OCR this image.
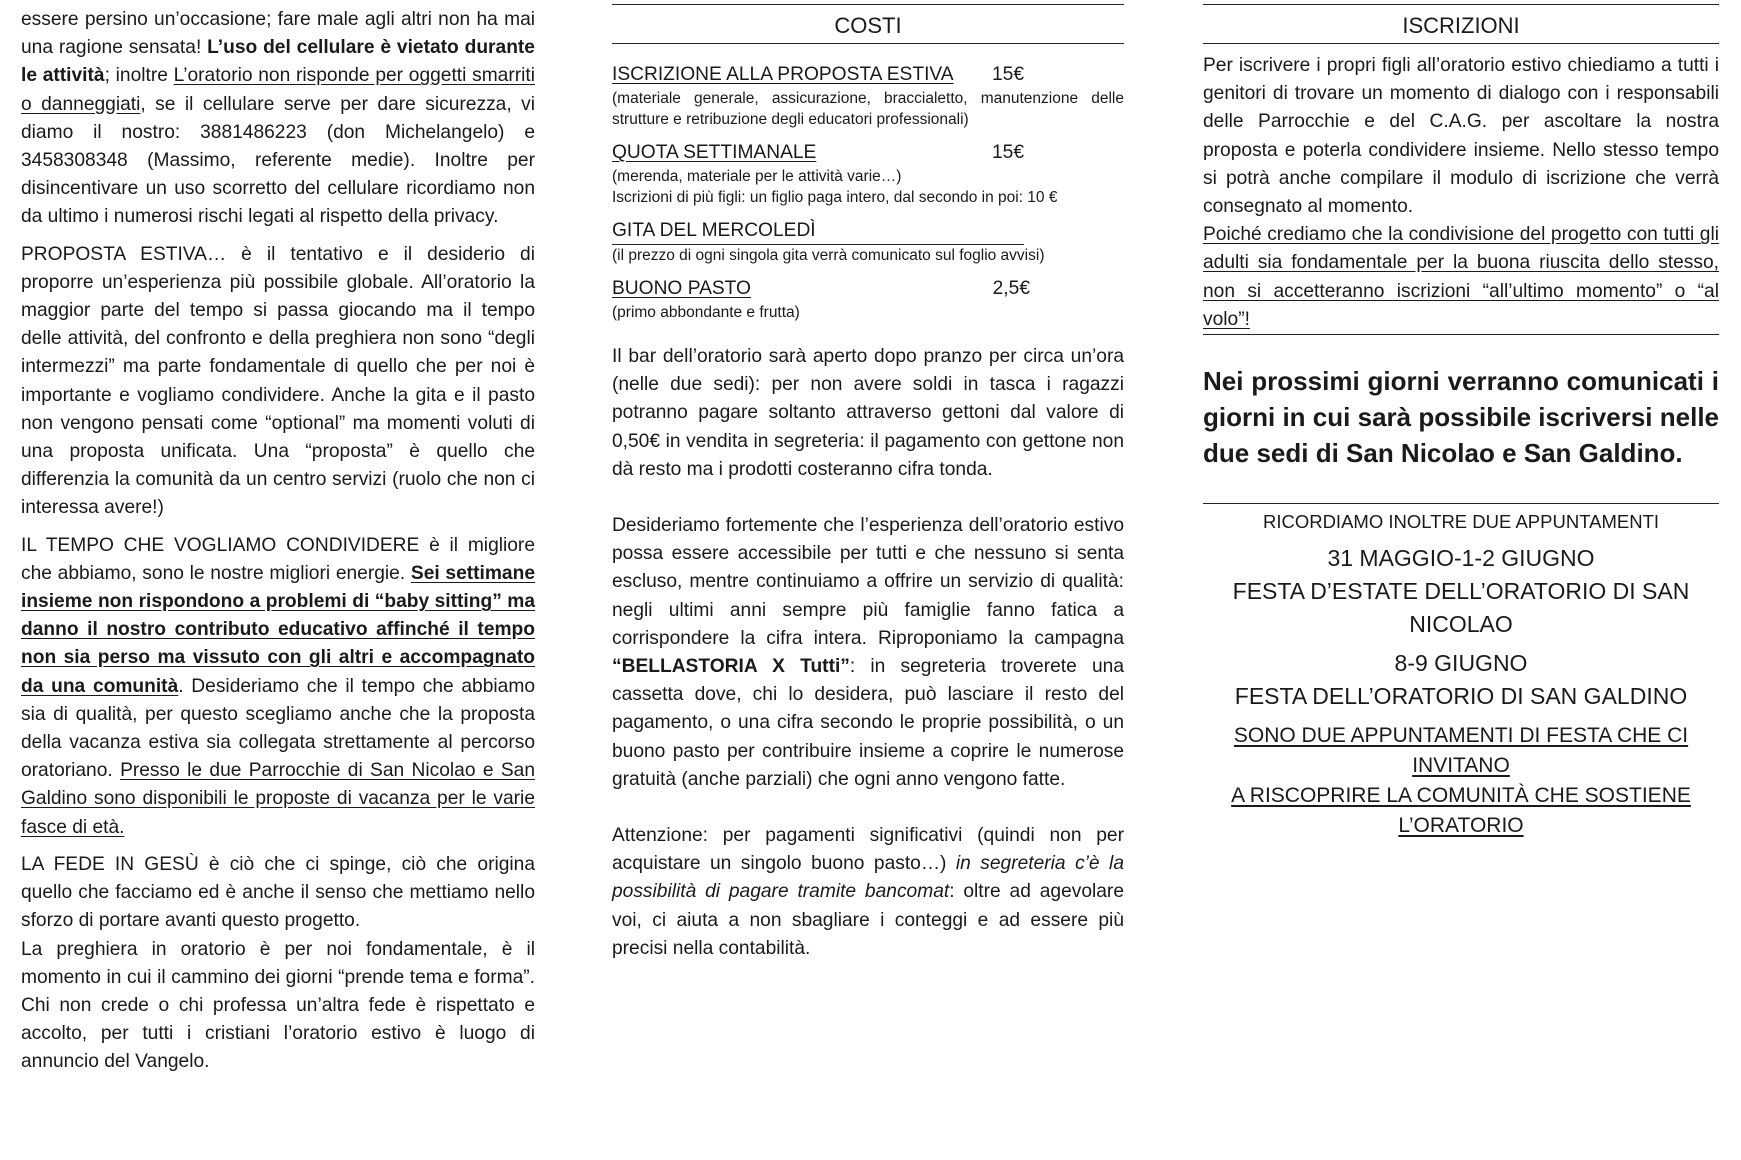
essere persino un’occasione; fare male agli altri non ha mai una ragione sensata! L’uso del cellulare è vietato durante le attività; inoltre L’oratorio non risponde per oggetti smarriti o danneggiati, se il cellulare serve per dare sicurezza, vi diamo il nostro: 3881486223 (don Michelangelo) e 3458308348 (Massimo, referente medie). Inoltre per disincentivare un uso scorretto del cellulare ricordiamo non da ultimo i numerosi rischi legati al rispetto della privacy.

PROPOSTA ESTIVA… è il tentativo e il desiderio di proporre un’esperienza più possibile globale. All’oratorio la maggior parte del tempo si passa giocando ma il tempo delle attività, del confronto e della preghiera non sono “degli intermezzi” ma parte fondamentale di quello che per noi è importante e vogliamo condividere. Anche la gita e il pasto non vengono pensati come “optional” ma momenti voluti di una proposta unificata. Una “proposta” è quello che differenzia la comunità da un centro servizi (ruolo che non ci interessa avere!)

IL TEMPO CHE VOGLIAMO CONDIVIDERE è il migliore che abbiamo, sono le nostre migliori energie. Sei settimane insieme non rispondono a problemi di “baby sitting” ma danno il nostro contributo educativo affinché il tempo non sia perso ma vissuto con gli altri e accompagnato da una comunità. Desideriamo che il tempo che abbiamo sia di qualità, per questo scegliamo anche che la proposta della vacanza estiva sia collegata strettamente al percorso oratoriano. Presso le due Parrocchie di San Nicolao e San Galdino sono disponibili le proposte di vacanza per le varie fasce di età.

LA FEDE IN GESÙ è ciò che ci spinge, ciò che origina quello che facciamo ed è anche il senso che mettiamo nello sforzo di portare avanti questo progetto.

La preghiera in oratorio è per noi fondamentale, è il momento in cui il cammino dei giorni “prende tema e forma”. Chi non crede o chi professa un’altra fede è rispettato e accolto, per tutti i cristiani l’oratorio estivo è luogo di annuncio del Vangelo.

COSTI
ISCRIZIONE ALLA PROPOSTA ESTIVA 15€
(materiale generale, assicurazione, braccialetto, manutenzione delle strutture e retribuzione degli educatori professionali)
QUOTA SETTIMANALE	15€
(merenda, materiale per le attività varie…)
Iscrizioni di più figli: un figlio paga intero, dal secondo in poi: 10 €
GITA DEL MERCOLEDÌ
(il prezzo di ogni singola gita verrà comunicato sul foglio avvisi)
BUONO PASTO	2,5€
(primo abbondante e frutta)

Il bar dell’oratorio sarà aperto dopo pranzo per circa un’ora (nelle due sedi): per non avere soldi in tasca i ragazzi potranno pagare soltanto attraverso gettoni dal valore di 0,50€ in vendita in segreteria: il pagamento con gettone non dà resto ma i prodotti costeranno cifra tonda.

Desideriamo fortemente che l’esperienza dell’oratorio estivo possa essere accessibile per tutti e che nessuno si senta escluso, mentre continuiamo a offrire un servizio di qualità: negli ultimi anni sempre più famiglie fanno fatica a corrispondere la cifra intera. Riproponiamo la campagna “BELLASTORIA X Tutti”: in segreteria troverete una cassetta dove, chi lo desidera, può lasciare il resto del pagamento, o una cifra secondo le proprie possibilità, o un buono pasto per contribuire insieme a coprire le numerose gratuità (anche parziali) che ogni anno vengono fatte.

Attenzione: per pagamenti significativi (quindi non per acquistare un singolo buono pasto…) in segreteria c’è la possibilità di pagare tramite bancomat: oltre ad agevolare voi, ci aiuta a non sbagliare i conteggi e ad essere più precisi nella contabilità.

ISCRIZIONI

Per iscrivere i propri figli all’oratorio estivo chiediamo a tutti i genitori di trovare un momento di dialogo con i responsabili delle Parrocchie e del C.A.G. per ascoltare la nostra proposta e poterla condividere insieme. Nello stesso tempo si potrà anche compilare il modulo di iscrizione che verrà consegnato al momento.

Poiché crediamo che la condivisione del progetto con tutti gli adulti sia fondamentale per la buona riuscita dello stesso, non si accetteranno iscrizioni “all’ultimo momento” o “al volo”!

Nei prossimi giorni verranno comunicati i giorni in cui sarà possibile iscriversi nelle due sedi di San Nicolao e San Galdino.

RICORDIAMO INOLTRE DUE APPUNTAMENTI
31 MAGGIO-1-2 GIUGNO
FESTA D’ESTATE DELL’ORATORIO DI SAN NICOLAO
8-9 GIUGNO
FESTA DELL’ORATORIO DI SAN GALDINO
SONO DUE APPUNTAMENTI DI FESTA CHE CI INVITANO
A RISCOPRIRE LA COMUNITÀ CHE SOSTIENE L’ORATORIO
